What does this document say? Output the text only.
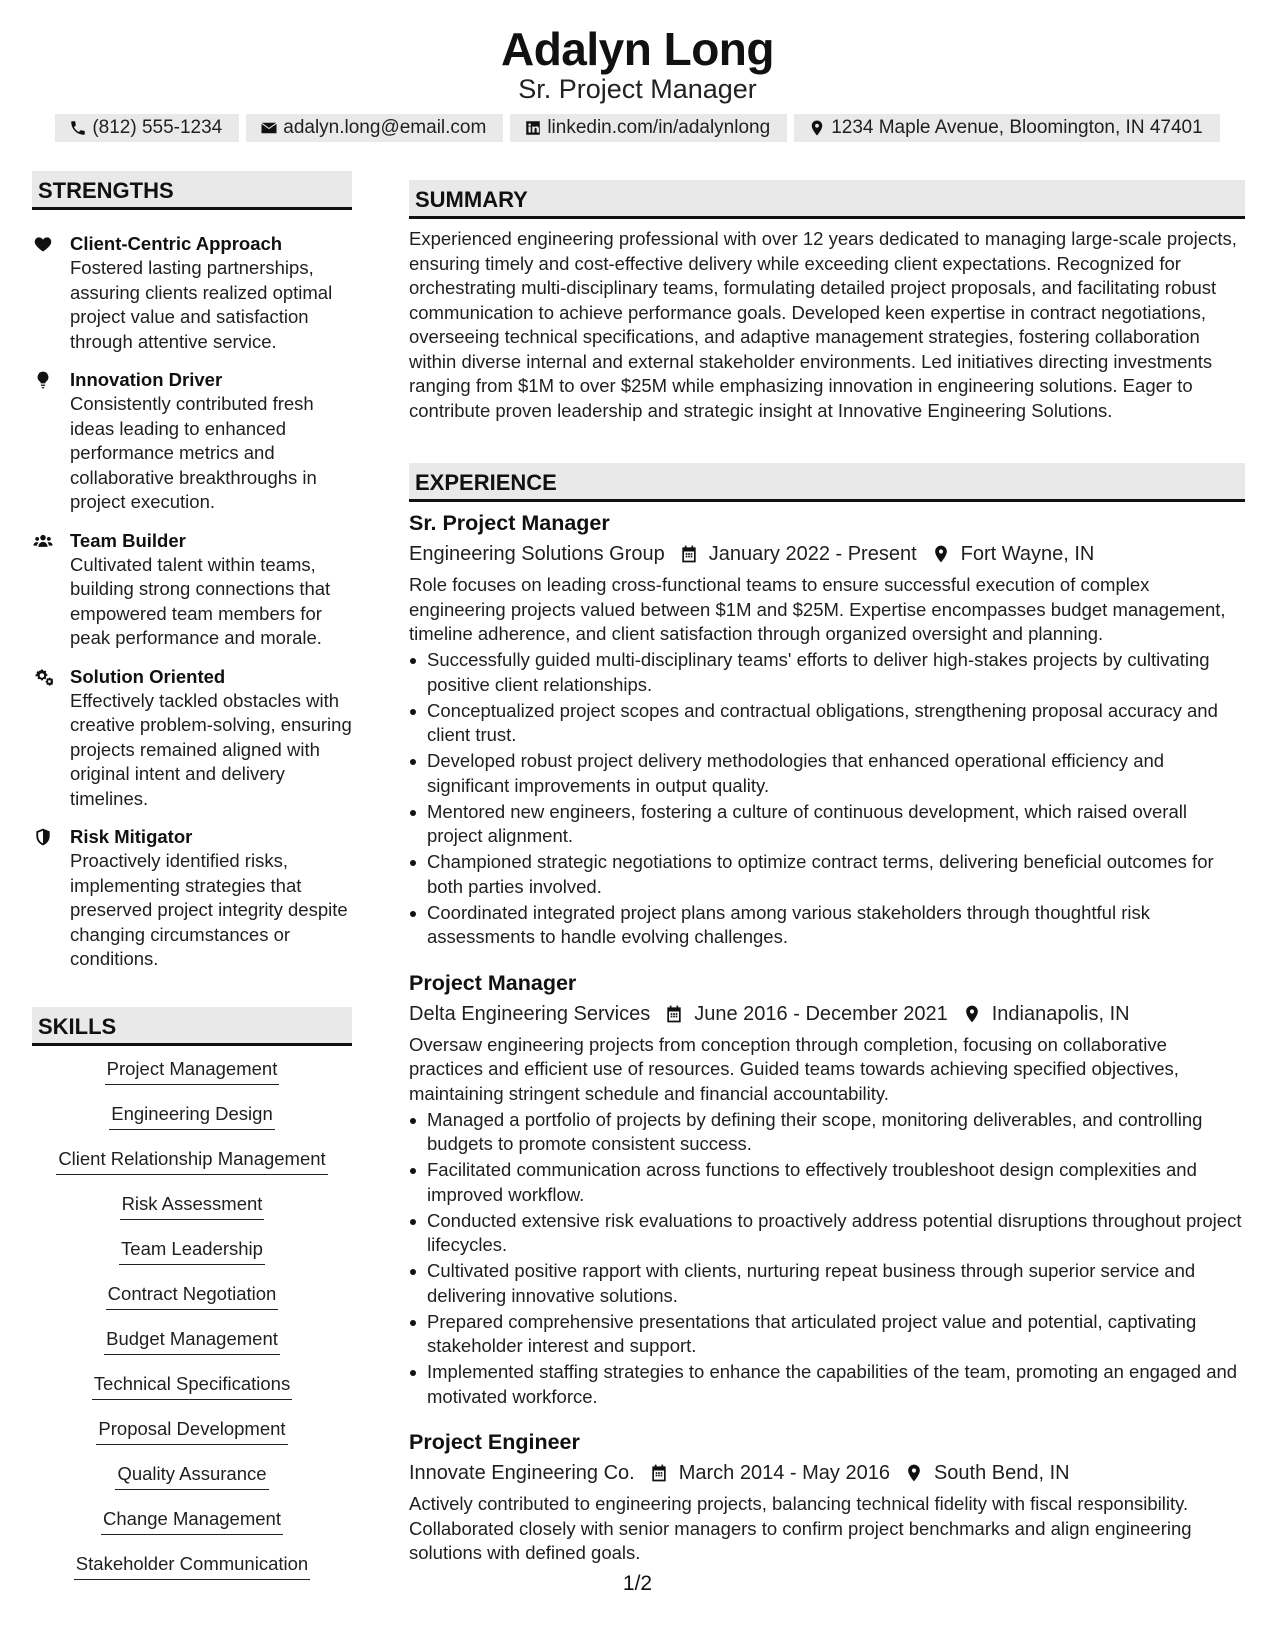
Adalyn Long
Sr. Project Manager
(812) 555-1234	adalyn.long@email.com	linkedin.com/in/adalynlong	1234 Maple Avenue, Bloomington, IN 47401
STRENGTHS
SKILLS
SUMMARY
EXPERIENCE
Client-Centric Approach
Fostered lasting partnerships, assuring clients realized optimal project value and satisfaction through attentive service.
Innovation Driver
Consistently contributed fresh ideas leading to enhanced performance metrics and collaborative breakthroughs in project execution.
Team Builder
Cultivated talent within teams, building strong connections that empowered team members for peak performance and morale.
Solution Oriented
Effectively tackled obstacles with creative problem-solving, ensuring projects remained aligned with original intent and delivery timelines.
Risk Mitigator
Proactively identified risks, implementing strategies that preserved project integrity despite changing circumstances or conditions.
Project Management
Engineering Design
Client Relationship Management
Risk Assessment
Team Leadership
Contract Negotiation
Budget Management
Technical Specifications
Proposal Development
Quality Assurance
Change Management
Stakeholder Communication
Experienced engineering professional with over 12 years dedicated to managing large-scale projects, ensuring timely and cost-effective delivery while exceeding client expectations. Recognized for orchestrating multi-disciplinary teams, formulating detailed project proposals, and facilitating robust communication to achieve performance goals. Developed keen expertise in contract negotiations, overseeing technical specifications, and adaptive management strategies, fostering collaboration within diverse internal and external stakeholder environments. Led initiatives directing investments ranging from $1M to over $25M while emphasizing innovation in engineering solutions. Eager to contribute proven leadership and strategic insight at Innovative Engineering Solutions.
Sr. Project Manager
Engineering Solutions Group January 2022 - Present Fort Wayne, IN
Role focuses on leading cross-functional teams to ensure successful execution of complex engineering projects valued between $1M and $25M. Expertise encompasses budget management, timeline adherence, and client satisfaction through organized oversight and planning.
Successfully guided multi-disciplinary teams' efforts to deliver high-stakes projects by cultivating positive client relationships.
Conceptualized project scopes and contractual obligations, strengthening proposal accuracy and client trust.
Developed robust project delivery methodologies that enhanced operational efficiency and significant improvements in output quality.
Mentored new engineers, fostering a culture of continuous development, which raised overall project alignment.
Championed strategic negotiations to optimize contract terms, delivering beneficial outcomes for both parties involved.
Coordinated integrated project plans among various stakeholders through thoughtful risk assessments to handle evolving challenges.
Project Manager
Delta Engineering Services June 2016 - December 2021 Indianapolis, IN
Oversaw engineering projects from conception through completion, focusing on collaborative practices and efficient use of resources. Guided teams towards achieving specified objectives, maintaining stringent schedule and financial accountability.
Managed a portfolio of projects by defining their scope, monitoring deliverables, and controlling budgets to promote consistent success.
Facilitated communication across functions to effectively troubleshoot design complexities and improved workflow.
Conducted extensive risk evaluations to proactively address potential disruptions throughout project lifecycles.
Cultivated positive rapport with clients, nurturing repeat business through superior service and delivering innovative solutions.
Prepared comprehensive presentations that articulated project value and potential, captivating stakeholder interest and support.
Implemented staffing strategies to enhance the capabilities of the team, promoting an engaged and motivated workforce.
Project Engineer
Innovate Engineering Co. March 2014 - May 2016 South Bend, IN
Actively contributed to engineering projects, balancing technical fidelity with fiscal responsibility. Collaborated closely with senior managers to confirm project benchmarks and align engineering solutions with defined goals.
1/2
